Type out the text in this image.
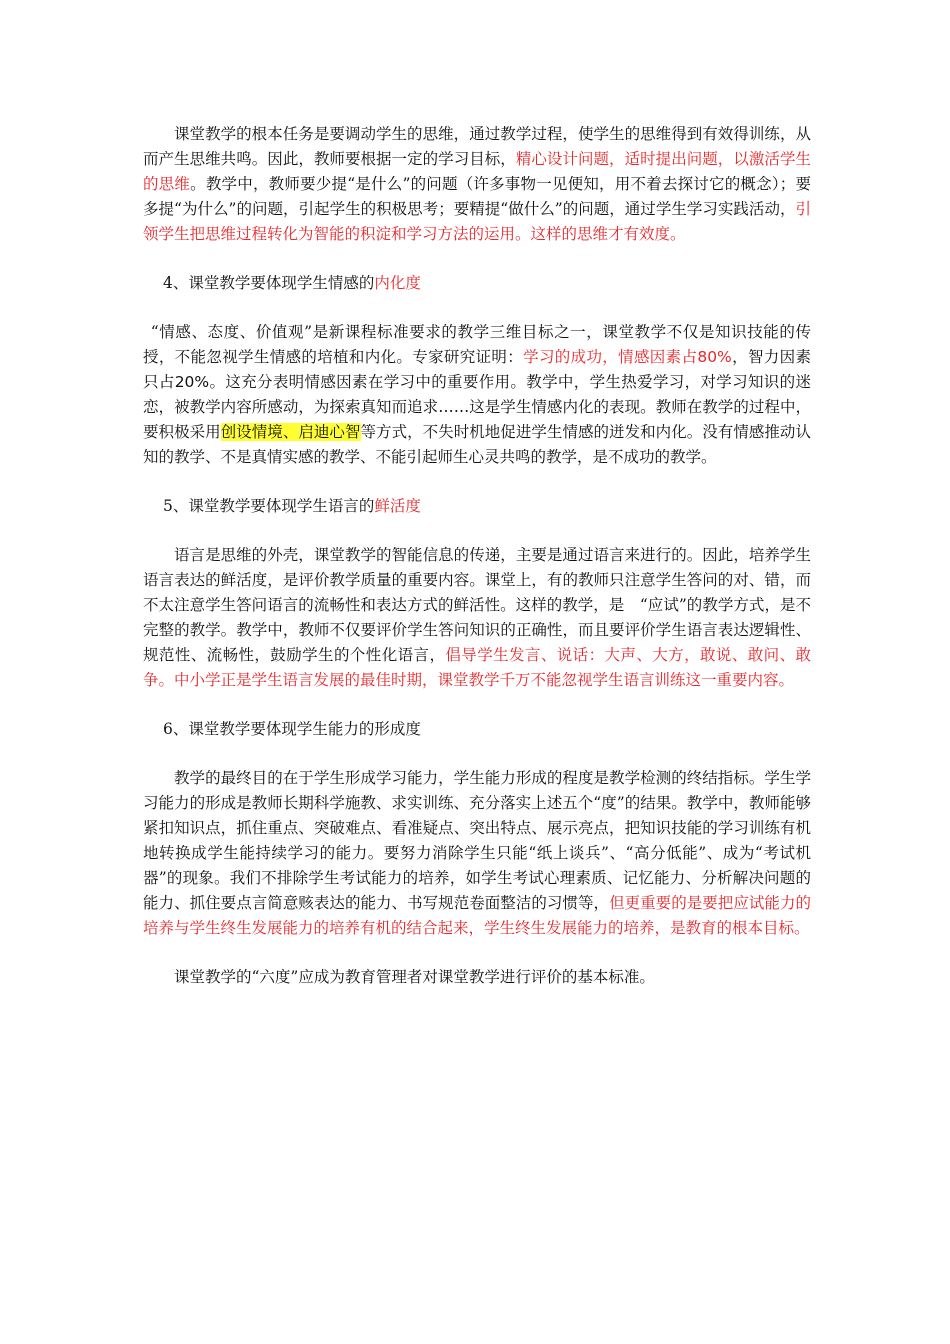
课堂教学的根本任务是要调动学生的思维，通过教学过程，使学生的思维得到有效得训练，从而产生思维共鸣。因此，教师要根据一定的学习目标，精心设计问题，适时提出问题，以激活学生的思维。教学中，教师要少提“是什么”的问题（许多事物一见便知，用不着去探讨它的概念）；要多提“为什么”的问题，引起学生的积极思考；要精提“做什么”的问题，通过学生学习实践活动，引领学生把思维过程转化为智能的积淀和学习方法的运用。这样的思维才有效度。

4、课堂教学要体现学生情感的内化度

“情感、态度、价值观”是新课程标准要求的教学三维目标之一，课堂教学不仅是知识技能的传授，不能忽视学生情感的培植和内化。专家研究证明：学习的成功，情感因素占80%，智力因素只占20%。这充分表明情感因素在学习中的重要作用。教学中，学生热爱学习，对学习知识的迷恋，被教学内容所感动，为探索真知而追求……这是学生情感内化的表现。教师在教学的过程中，要积极采用创设情境、启迪心智等方式，不失时机地促进学生情感的迸发和内化。没有情感推动认知的教学、不是真情实感的教学、不能引起师生心灵共鸣的教学，是不成功的教学。

5、课堂教学要体现学生语言的鲜活度

语言是思维的外壳，课堂教学的智能信息的传递，主要是通过语言来进行的。因此，培养学生语言表达的鲜活度，是评价教学质量的重要内容。课堂上，有的教师只注意学生答问的对、错，而不太注意学生答问语言的流畅性和表达方式的鲜活性。这样的教学，是　“应试”的教学方式，是不完整的教学。教学中，教师不仅要评价学生答问知识的正确性，而且要评价学生语言表达逻辑性、规范性、流畅性，鼓励学生的个性化语言，倡导学生发言、说话：大声、大方，敢说、敢问、敢争。中小学正是学生语言发展的最佳时期，课堂教学千万不能忽视学生语言训练这一重要内容。

6、课堂教学要体现学生能力的形成度

教学的最终目的在于学生形成学习能力，学生能力形成的程度是教学检测的终结指标。学生学习能力的形成是教师长期科学施教、求实训练、充分落实上述五个“度”的结果。教学中，教师能够紧扣知识点，抓住重点、突破难点、看准疑点、突出特点、展示亮点，把知识技能的学习训练有机地转换成学生能持续学习的能力。要努力消除学生只能“纸上谈兵”、“高分低能”、成为“考试机器”的现象。我们不排除学生考试能力的培养，如学生考试心理素质、记忆能力、分析解决问题的能力、抓住要点言简意赅表达的能力、书写规范卷面整洁的习惯等，但更重要的是要把应试能力的培养与学生终生发展能力的培养有机的结合起来，学生终生发展能力的培养，是教育的根本目标。

课堂教学的“六度”应成为教育管理者对课堂教学进行评价的基本标准。
